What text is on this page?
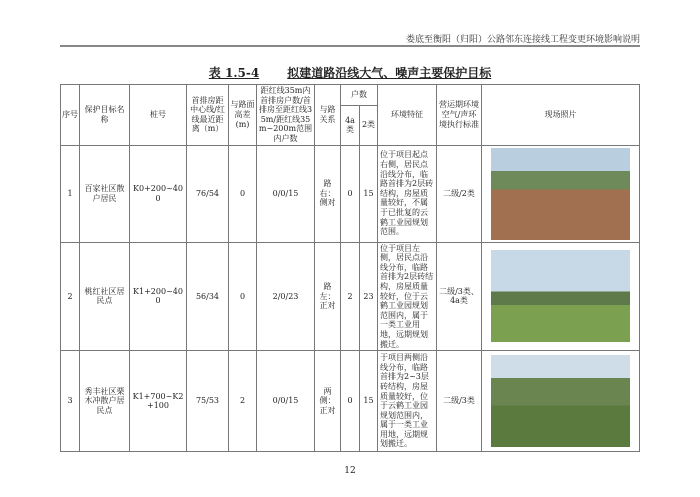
娄底至衡阳（归阳）公路邻东连接线工程变更环境影响说明
表 1.5-4 拟建道路沿线大气、噪声主要保护目标
序号	保护目标名称	桩号	首排房距中心线/红线最近距离（m）	与路面高差(m)	距红线35m内首排房户数/首排房至距红线35m/距红线35m~200m范围内户数	与路关系	户数		环境特征	营运期环境空气/声环境执行标准	现场照片
							4a类	2类			
1	百家社区散户居民	K0+200~400	76/54	0	0/0/15	路右：侧对	0	15	位于项目起点右侧，居民点沿线分布，临路首排为2层砖结构，房屋质量较好，不属于已批复的云鹤工业园规划范围。	二级/2类	

2	桃红社区居民点	K1+200~400	56/34	0	2/0/23	路左：正对	2	23	位于项目左侧，居民点沿线分布，临路首排为2层砖结构，房屋质量较好，位于云鹤工业园规划范围内，属于一类工业用地，远期规划搬迁。	二级/3类、4a类	

3	秀丰社区栗木冲散户居民点	K1+700~K2+100	75/53	2	0/0/15	两侧：正对	0	15	于项目两侧沿线分布，临路首排为2~3层砖结构，房屋质量较好，位于云鹤工业园规划范围内，属于一类工业用地，远期规划搬迁。	二级/3类	
12
